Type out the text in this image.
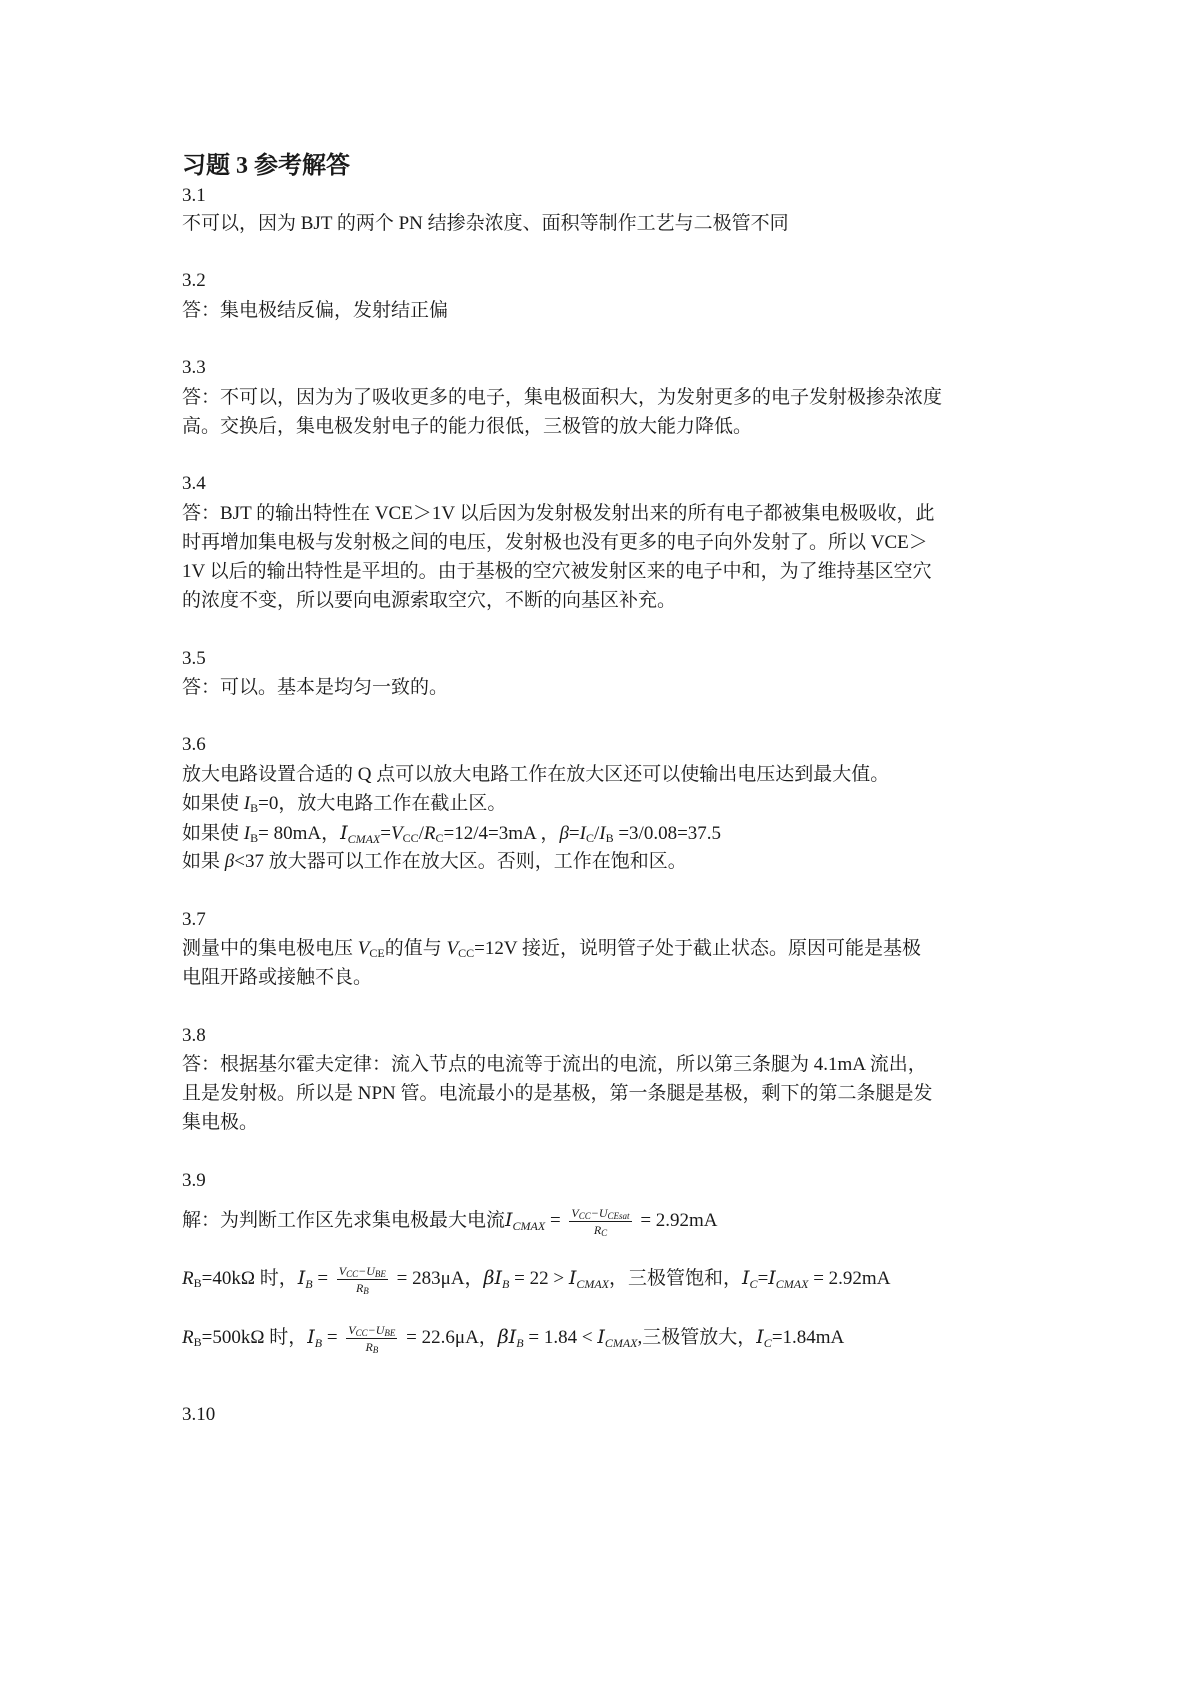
习题 3 参考解答
3.1
不可以，因为 BJT 的两个 PN 结掺杂浓度、面积等制作工艺与二极管不同
3.2
答：集电极结反偏，发射结正偏
3.3
答：不可以，因为为了吸收更多的电子，集电极面积大，为发射更多的电子发射极掺杂浓度
高。交换后，集电极发射电子的能力很低，三极管的放大能力降低。
3.4
答：BJT 的输出特性在 VCE＞1V 以后因为发射极发射出来的所有电子都被集电极吸收，此
时再增加集电极与发射极之间的电压，发射极也没有更多的电子向外发射了。所以 VCE＞
1V 以后的输出特性是平坦的。由于基极的空穴被发射区来的电子中和，为了维持基区空穴
的浓度不变，所以要向电源索取空穴，不断的向基区补充。
3.5
答：可以。基本是均匀一致的。
3.6
放大电路设置合适的 Q 点可以放大电路工作在放大区还可以使输出电压达到最大值。
如果使 $I_B=0$，放大电路工作在截止区。
如果使 $I_B= 80mA$，$I_{CMAX}=V_{CC}/R_C=12/4=3mA$ ，$\beta=I_C/I_B =3/0.08=37.5$
如果 β<37 放大器可以工作在放大区。否则，工作在饱和区。
3.7
测量中的集电极电压 $V_{CE}$的值与 $V_{CC}=12V$ 接近，说明管子处于截止状态。原因可能是基极
电阻开路或接触不良。
3.8
答：根据基尔霍夫定律：流入节点的电流等于流出的电流，所以第三条腿为 4.1mA 流出，
且是发射极。所以是 NPN 管。电流最小的是基极，第一条腿是基极，剩下的第二条腿是发
集电极。
3.9
解：为判断工作区先求集电极最大电流$I_{CMAX} = \frac{V_{CC}-U_{CEsat}}{R_C} = 2.92mA$
$R_B=40k\Omega$ 时，$I_B = \frac{V_{CC}-U_{BE}}{R_B} = 283\mu A$，$\beta I_B = 22 > I_{CMAX}$，三极管饱和，$I_C=I_{CMAX} = 2.92mA$
$R_B=500k\Omega$ 时，$I_B = \frac{V_{CC}-U_{BE}}{R_B} = 22.6\mu A$，$\beta I_B = 1.84 < I_{CMAX}$,三极管放大，$I_C=1.84mA$
3.10
